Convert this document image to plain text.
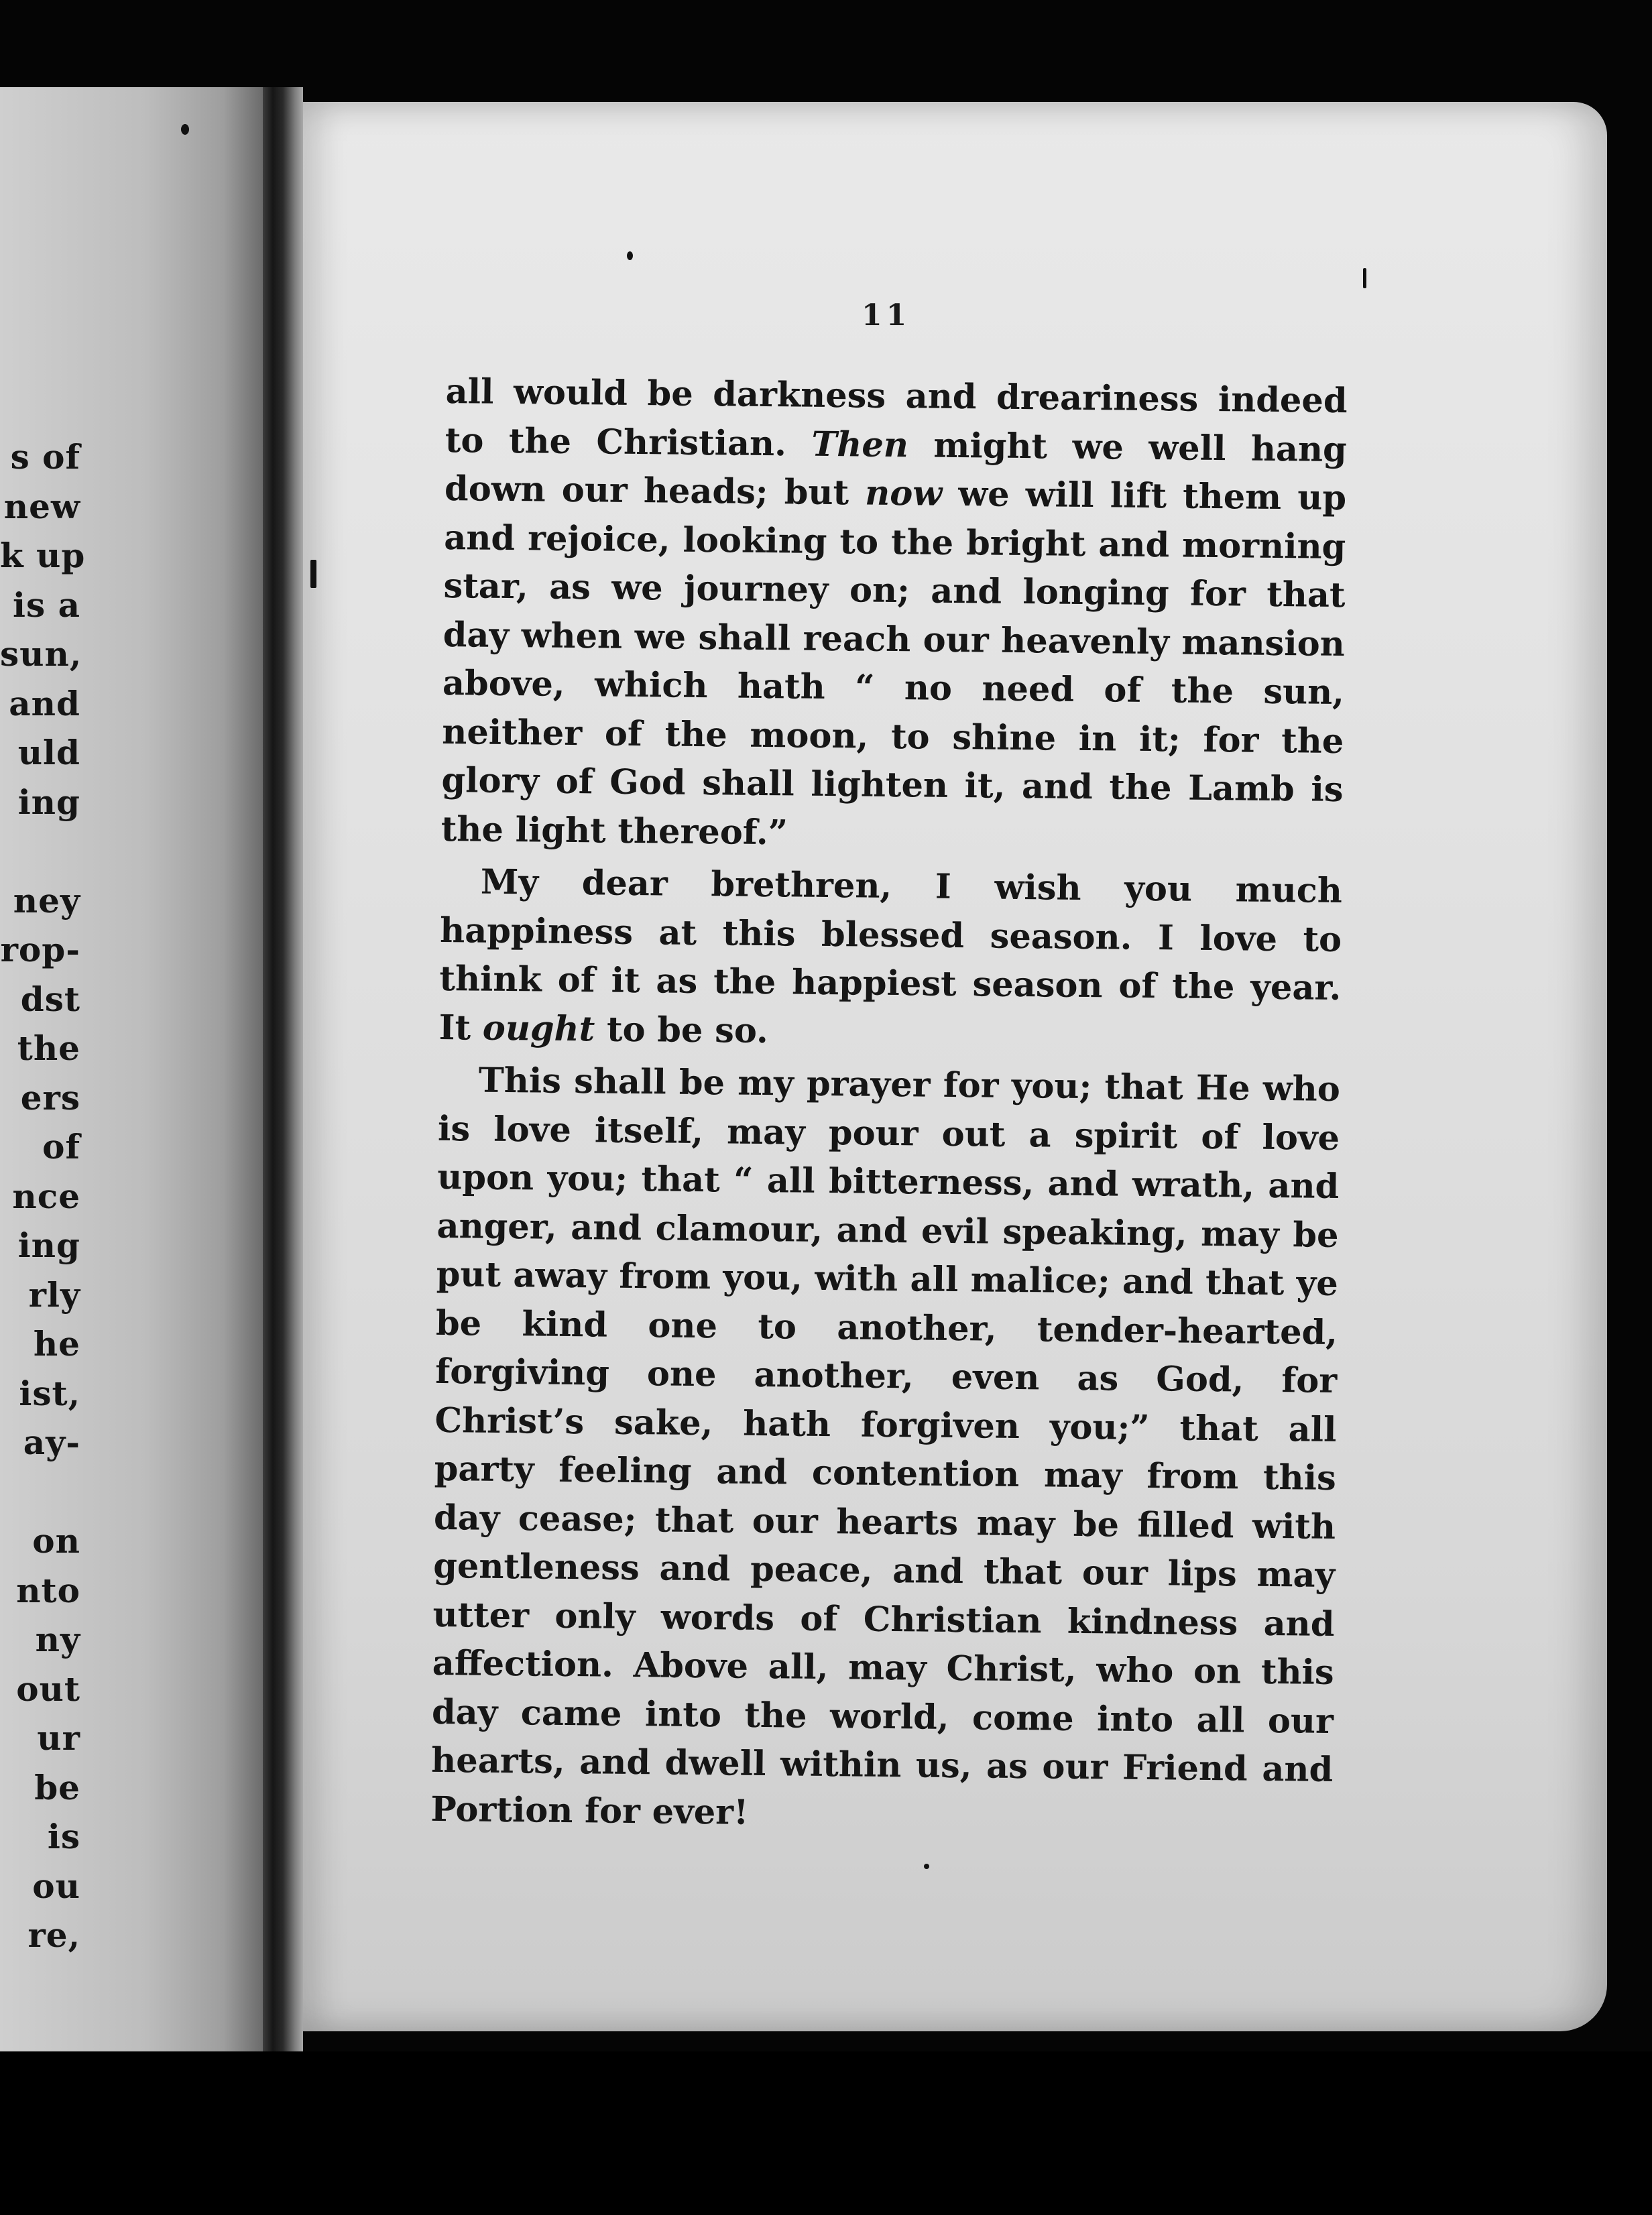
s of
new
k up
is a
sun,
and
uld
ing
ney
rop-
dst
the
ers
of
nce
ing
rly
he
ist,
ay-
on
nto
ny
out
ur
be
is
ou
re,
11

all would be darkness and dreariness indeed to the Christian. Then might we well hang down our heads; but now we will lift them up and rejoice, looking to the bright and morning star, as we journey on; and longing for that day when we shall reach our heavenly mansion above, which hath “ no need of the sun, neither of the moon, to shine in it; for the glory of God shall lighten it, and the Lamb is the light thereof.”

My dear brethren, I wish you much happiness at this blessed season. I love to think of it as the happiest season of the year. It ought to be so.

This shall be my prayer for you; that He who is love itself, may pour out a spirit of love upon you; that “ all bitterness, and wrath, and anger, and clamour, and evil speaking, may be put away from you, with all malice; and that ye be kind one to another, tender-hearted, forgiving one another, even as God, for Christ’s sake, hath forgiven you;” that all party feeling and contention may from this day cease; that our hearts may be filled with gentleness and peace, and that our lips may utter only words of Christian kindness and affection. Above all, may Christ, who on this day came into the world, come into all our hearts, and dwell within us, as our Friend and Portion for ever!
